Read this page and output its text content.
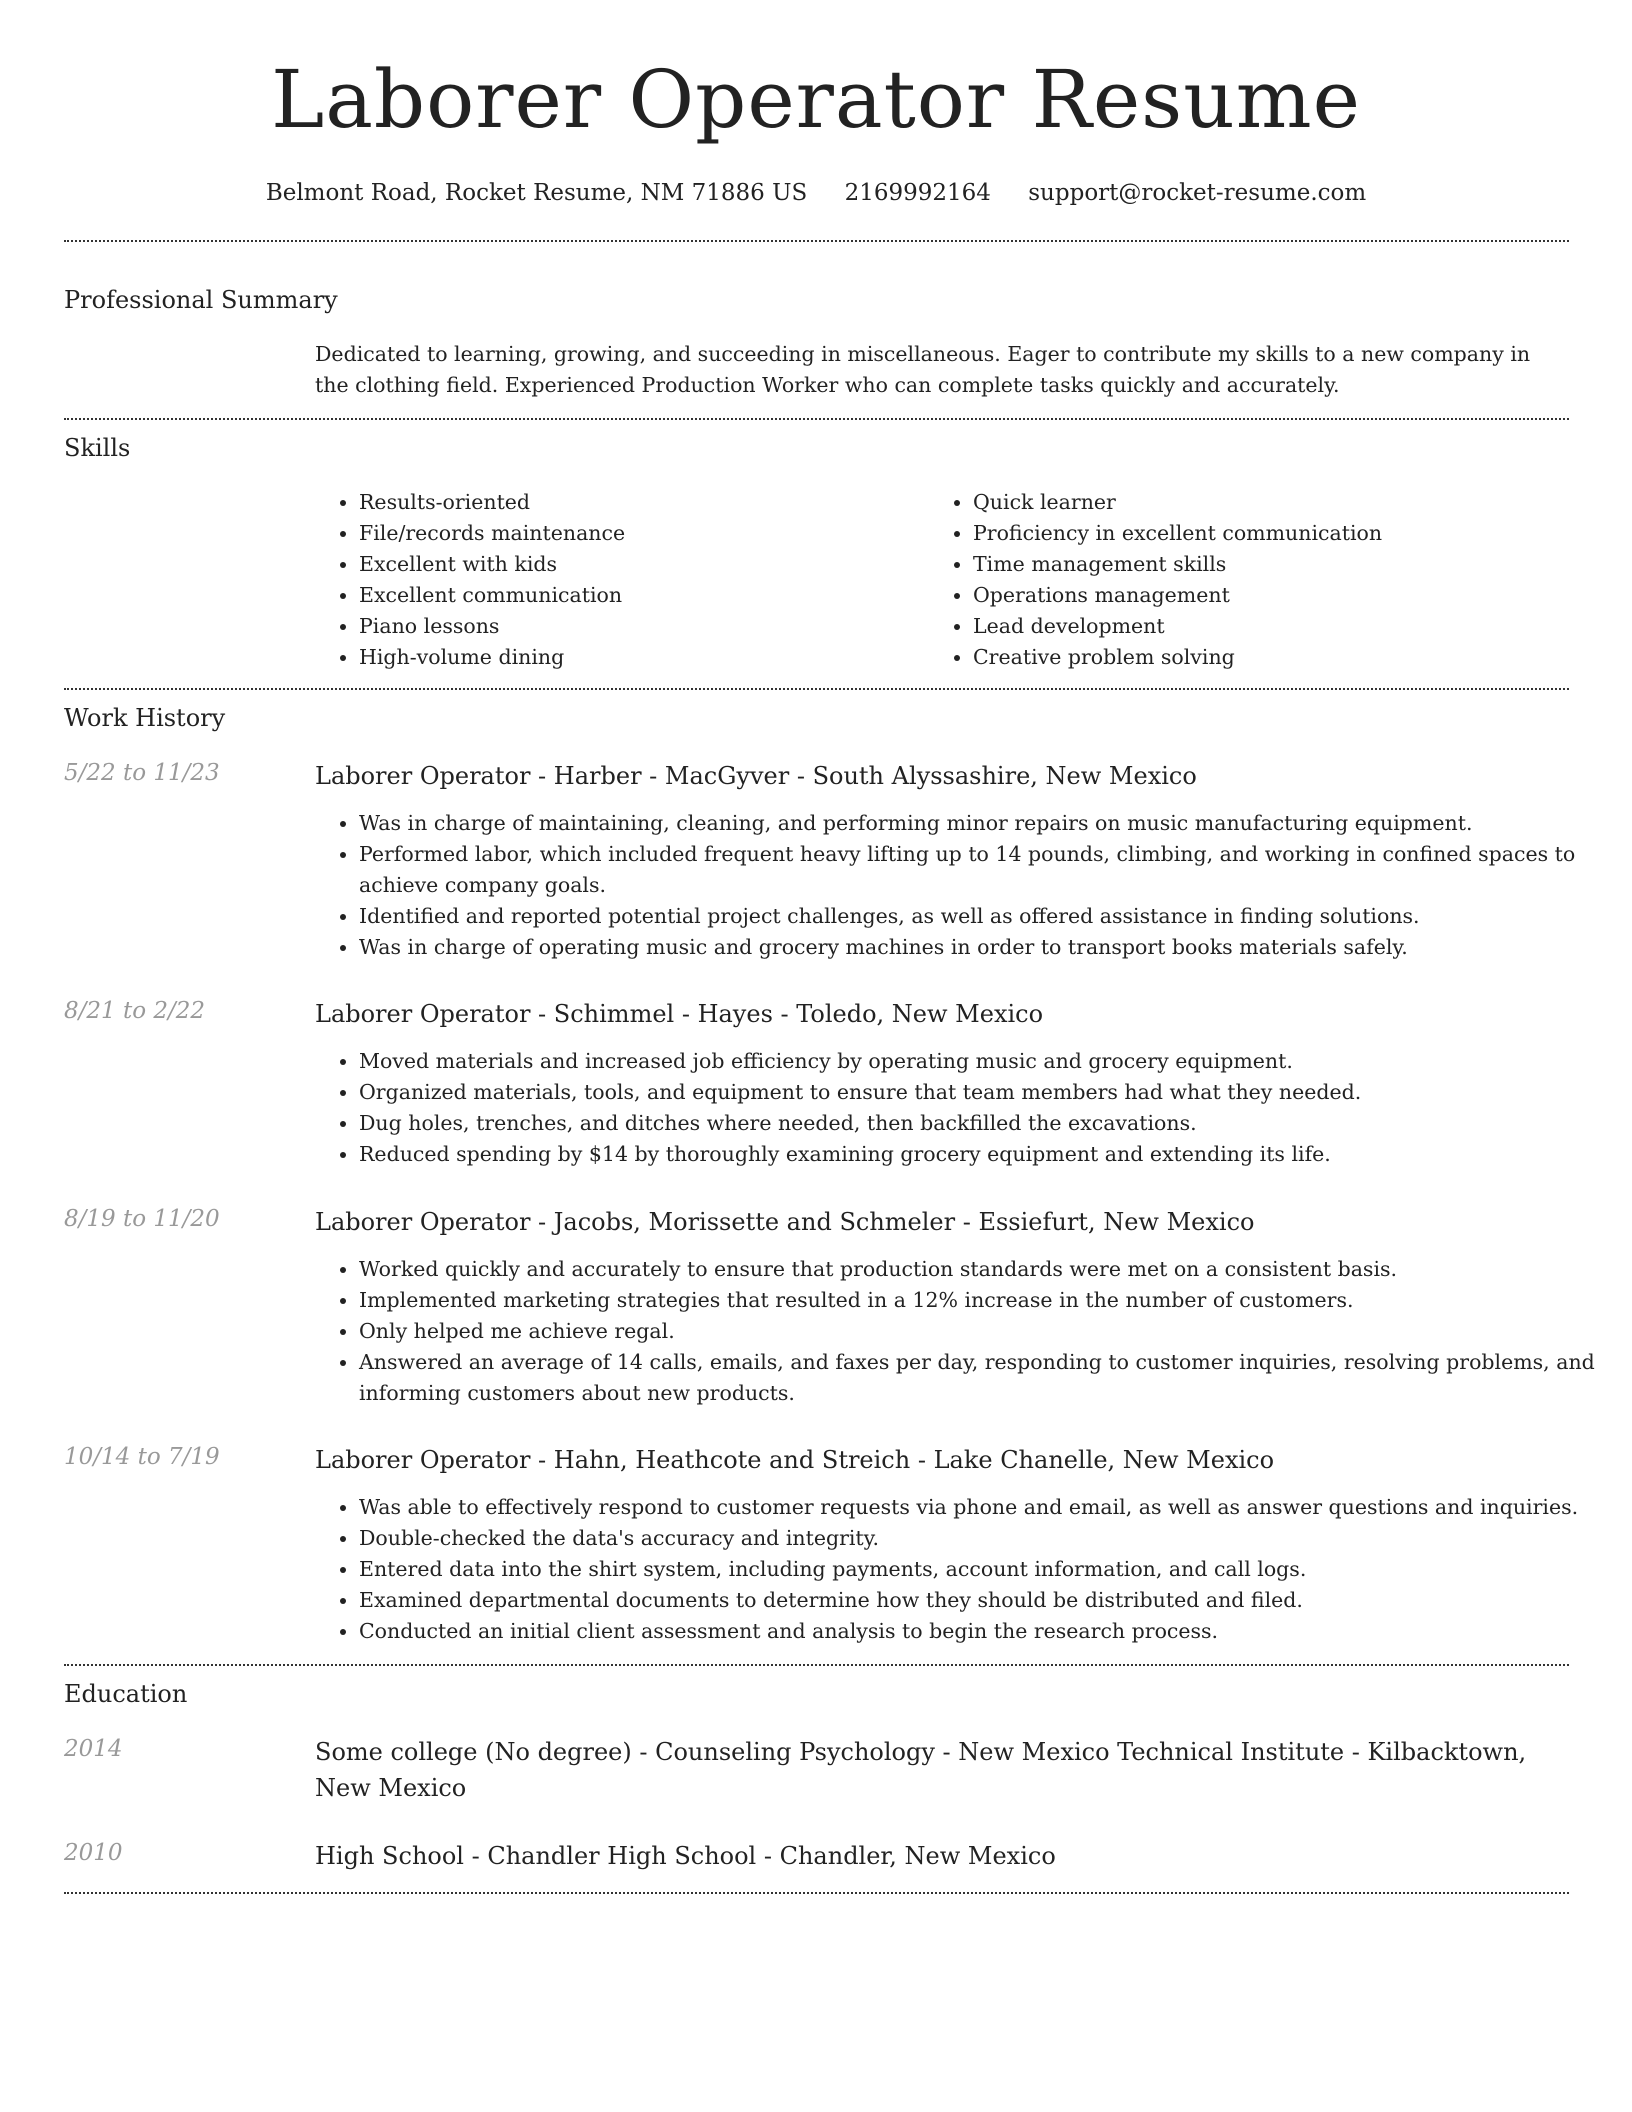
Laborer Operator Resume
Belmont Road, Rocket Resume, NM 71886 US 2169992164 support@rocket-resume.com
Professional Summary
Dedicated to learning, growing, and succeeding in miscellaneous. Eager to contribute my skills to a new company in the clothing field. Experienced Production Worker who can complete tasks quickly and accurately.
Skills
• Results-oriented
• File/records maintenance
• Excellent with kids
• Excellent communication
• Piano lessons
• High-volume dining
• Quick learner
• Proficiency in excellent communication
• Time management skills
• Operations management
• Lead development
• Creative problem solving
Work History
5/22 to 11/23	Laborer Operator - Harber - MacGyver - South Alyssashire, New Mexico
• Was in charge of maintaining, cleaning, and performing minor repairs on music manufacturing equipment.
• Performed labor, which included frequent heavy lifting up to 14 pounds, climbing, and working in confined spaces to achieve company goals.
• Identified and reported potential project challenges, as well as offered assistance in finding solutions.
• Was in charge of operating music and grocery machines in order to transport books materials safely.
8/21 to 2/22	Laborer Operator - Schimmel - Hayes - Toledo, New Mexico
• Moved materials and increased job efficiency by operating music and grocery equipment.
• Organized materials, tools, and equipment to ensure that team members had what they needed.
• Dug holes, trenches, and ditches where needed, then backfilled the excavations.
• Reduced spending by $14 by thoroughly examining grocery equipment and extending its life.
8/19 to 11/20	Laborer Operator - Jacobs, Morissette and Schmeler - Essiefurt, New Mexico
• Worked quickly and accurately to ensure that production standards were met on a consistent basis.
• Implemented marketing strategies that resulted in a 12% increase in the number of customers.
• Only helped me achieve regal.
• Answered an average of 14 calls, emails, and faxes per day, responding to customer inquiries, resolving problems, and informing customers about new products.
10/14 to 7/19	Laborer Operator - Hahn, Heathcote and Streich - Lake Chanelle, New Mexico
• Was able to effectively respond to customer requests via phone and email, as well as answer questions and inquiries.
• Double-checked the data's accuracy and integrity.
• Entered data into the shirt system, including payments, account information, and call logs.
• Examined departmental documents to determine how they should be distributed and filed.
• Conducted an initial client assessment and analysis to begin the research process.
Education
2014	Some college (No degree) - Counseling Psychology - New Mexico Technical Institute - Kilbacktown, New Mexico
2010	High School - Chandler High School - Chandler, New Mexico
